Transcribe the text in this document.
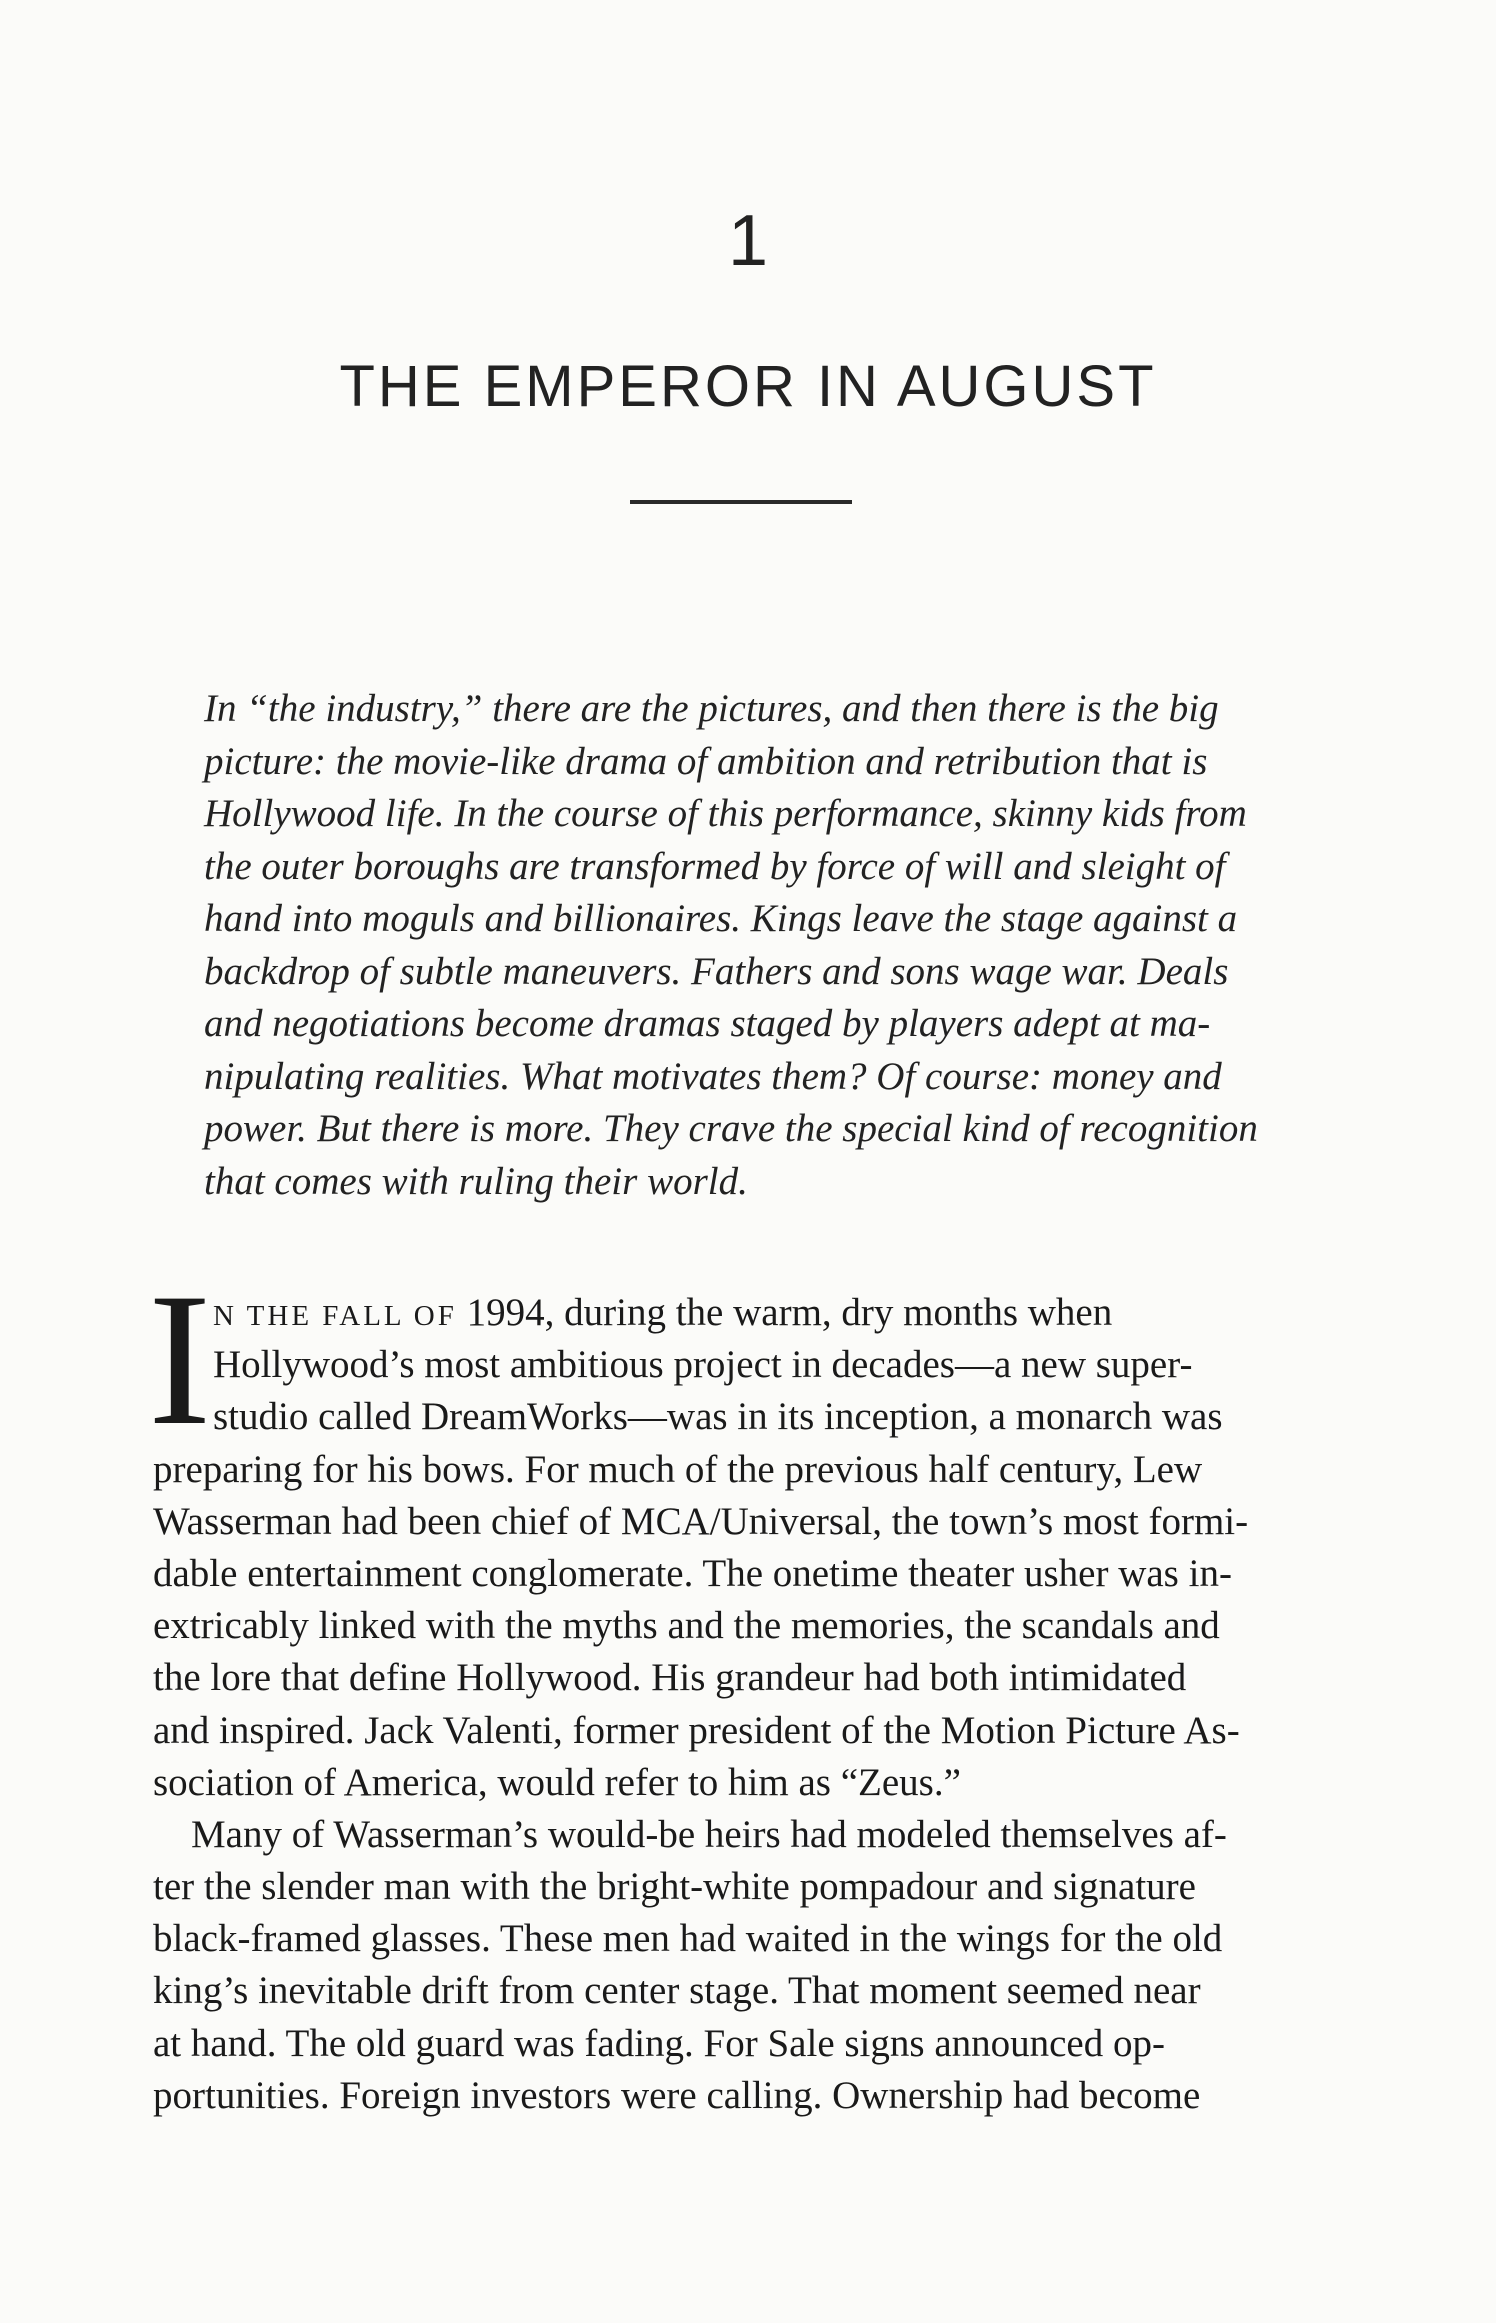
1
THE EMPEROR IN AUGUST

In “the industry,” there are the pictures, and then there is the big
picture: the movie-like drama of ambition and retribution that is
Hollywood life. In the course of this performance, skinny kids from
the outer boroughs are transformed by force of will and sleight of
hand into moguls and billionaires. Kings leave the stage against a
backdrop of subtle maneuvers. Fathers and sons wage war. Deals
and negotiations become dramas staged by players adept at ma-
nipulating realities. What motivates them? Of course: money and
power. But there is more. They crave the special kind of recognition
that comes with ruling their world.

I N THE FALL OF 1994, during the warm, dry months when
Hollywood’s most ambitious project in decades—a new super-
studio called DreamWorks—was in its inception, a monarch was
preparing for his bows. For much of the previous half century, Lew
Wasserman had been chief of MCA/Universal, the town’s most formi-
dable entertainment conglomerate. The onetime theater usher was in-
extricably linked with the myths and the memories, the scandals and
the lore that define Hollywood. His grandeur had both intimidated
and inspired. Jack Valenti, former president of the Motion Picture As-
sociation of America, would refer to him as “Zeus.”
Many of Wasserman’s would-be heirs had modeled themselves af-
ter the slender man with the bright-white pompadour and signature
black-framed glasses. These men had waited in the wings for the old
king’s inevitable drift from center stage. That moment seemed near
at hand. The old guard was fading. For Sale signs announced op-
portunities. Foreign investors were calling. Ownership had become
